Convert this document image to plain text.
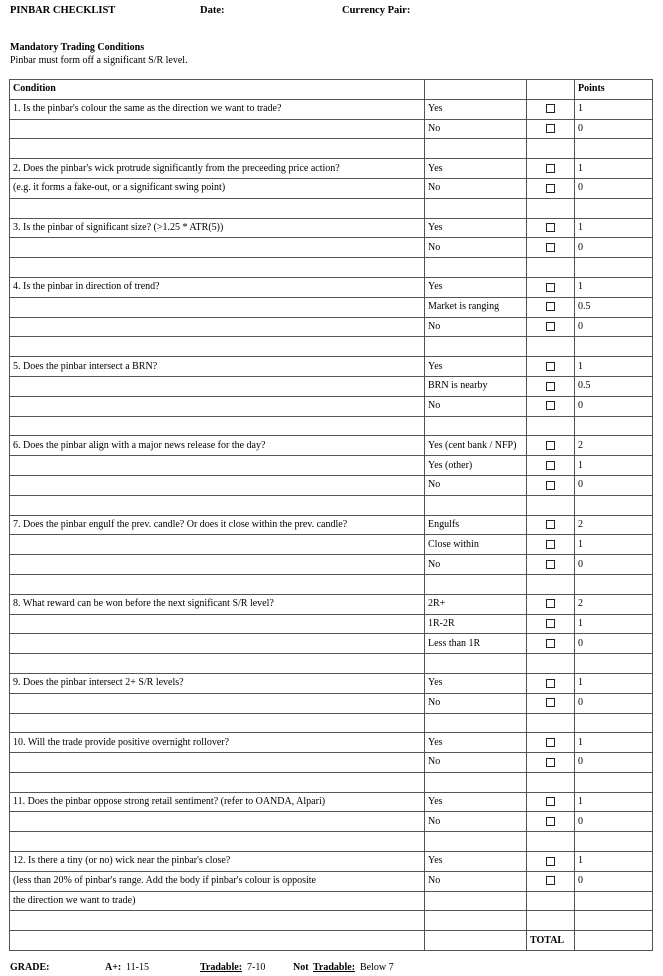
PINBAR CHECKLIST	Date:	Currency Pair:
Mandatory Trading Conditions
Pinbar must form off a significant S/R level.
Condition			Points
1. Is the pinbar's colour the same as the direction we want to trade?	Yes		1
	No		0

2. Does the pinbar's wick protrude significantly from the preceeding price action?	Yes		1
(e.g. it forms a fake-out, or a significant swing point)	No		0

3. Is the pinbar of significant size? (>1.25 * ATR(5))	Yes		1
	No		0

4. Is the pinbar in direction of trend?	Yes		1
	Market is ranging		0.5
	No		0

5. Does the pinbar intersect a BRN?	Yes		1
	BRN is nearby		0.5
	No		0

6. Does the pinbar align with a major news release for the day?	Yes (cent bank / NFP)		2
	Yes (other)		1
	No		0

7. Does the pinbar engulf the prev. candle? Or does it close within the prev. candle?	Engulfs		2
	Close within		1
	No		0

8. What reward can be won before the next significant S/R level?	2R+		2
	1R-2R		1
	Less than 1R		0

9. Does the pinbar intersect 2+ S/R levels?	Yes		1
	No		0

10. Will the trade provide positive overnight rollover?	Yes		1
	No		0

11. Does the pinbar oppose strong retail sentiment? (refer to OANDA, Alpari)	Yes		1
	No		0

12. Is there a tiny (or no) wick near the pinbar's close?	Yes		1
(less than 20% of pinbar's range. Add the body if pinbar's colour is opposite	No		0
the direction we want to trade)			

		TOTAL	
GRADE:	A+: 11-15	Tradable: 7-10	Not Tradable: Below 7
